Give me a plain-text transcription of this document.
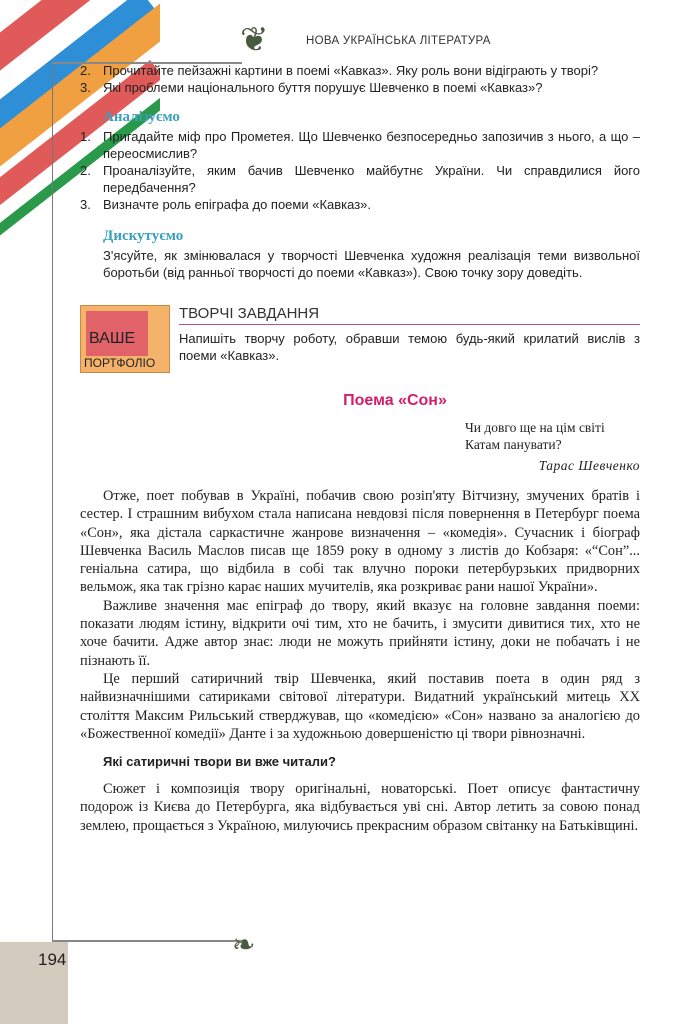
❦	НОВА УКРАЇНСЬКА ЛІТЕРАТУРА
2. Прочитайте пейзажні картини в поемі «Кавказ». Яку роль вони відіграють у творі?
3. Які проблеми національного буття порушує Шевченко в поемі «Кавказ»?
Аналізуємо
1. Пригадайте міф про Прометея. Що Шевченко безпосередньо запозичив з нього, а що – переосмислив?
2. Проаналізуйте, яким бачив Шевченко майбутнє України. Чи справдилися його передбачення?
3. Визначте роль епіграфа до поеми «Кавказ».
Дискутуємо
З'ясуйте, як змінювалася у творчості Шевченка художня реалізація теми визвольної боротьби (від ранньої творчості до поеми «Кавказ»). Свою точку зору доведіть.
ВАШЕ
ПОРТФОЛІО
ТВОРЧІ ЗАВДАННЯ
Напишіть творчу роботу, обравши темою будь-який крилатий вислів з поеми «Кавказ».
Поема «Сон»
Чи довго ще на цім світі
Катам панувати?
Тарас Шевченко

Отже, поет побував в Україні, побачив свою розіп'яту Вітчизну, змучених братів і сестер. І страшним вибухом стала написана невдовзі після повернення в Петербург поема «Сон», яка дістала саркастичне жанрове визначення – «комедія». Сучасник і біограф Шевченка Василь Маслов писав ще 1859 року в одному з листів до Кобзаря: «“Сон”... геніальна сатира, що відбила в собі так влучно пороки петербурзьких придворних вельмож, яка так грізно карає наших мучителів, яка розкриває рани нашої України».

Важливе значення має епіграф до твору, який вказує на головне завдання поеми: показати людям істину, відкрити очі тим, хто не бачить, і змусити дивитися тих, хто не хоче бачити. Адже автор знає: люди не можуть прийняти істину, доки не побачать і не пізнають її.

Це перший сатиричний твір Шевченка, який поставив поета в один ряд з найвизначнішими сатириками світової літератури. Видатний український митець XX століття Максим Рильський стверджував, що «комедією» «Сон» названо за аналогією до «Божественної комедії» Данте і за художньою довершеністю ці твори рівнозначні.

Які сатиричні твори ви вже читали?

Сюжет і композиція твору оригінальні, новаторські. Поет описує фантастичну подорож із Києва до Петербурга, яка відбувається уві сні. Автор летить за совою понад землею, прощається з Україною, милуючись прекрасним образом світанку на Батьківщині.

❧
194
